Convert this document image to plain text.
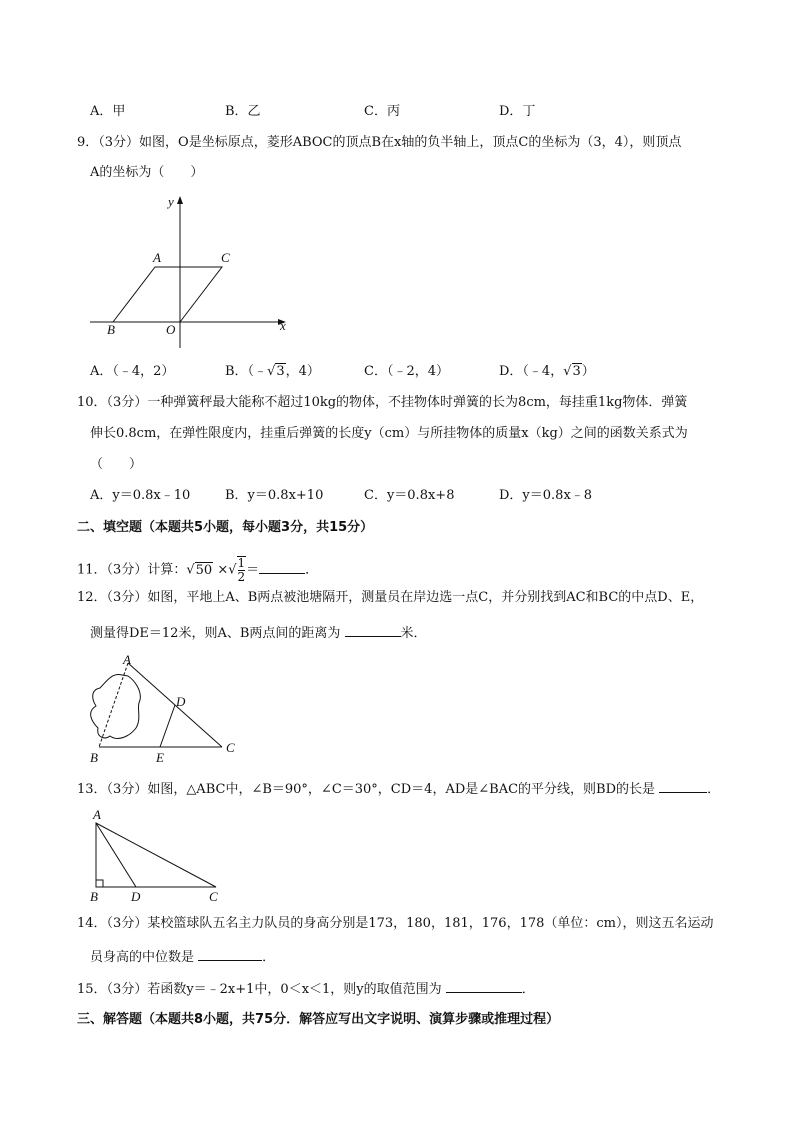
A．甲	B．乙	C．丙	D．丁
9．（3分）如图，O是坐标原点，菱形ABOC的顶点B在x轴的负半轴上，顶点C的坐标为（3，4），则顶点
A的坐标为（　　）
y
A	C
B	O	x
A
D
B	E
C
A
B	D	C
A．（﹣4，2）	B．（﹣√3，4）	C．（﹣2，4）	D．（﹣4，√3）
10．（3分）一种弹簧秤最大能称不超过10kg的物体，不挂物体时弹簧的长为8cm，每挂重1kg物体．弹簧
伸长0.8cm，在弹性限度内，挂重后弹簧的长度y（cm）与所挂物体的质量x（kg）之间的函数关系式为
（　　）
A．y＝0.8x﹣10	B．y＝0.8x+10	C．y＝0.8x+8	D．y＝0.8x﹣8
二、填空题（本题共5小题，每小题3分，共15分）
11．（3分）计算：√50 ×√ $\frac{1}{2}$ ＝	．
12．（3分）如图，平地上A、B两点被池塘隔开，测量员在岸边选一点C，并分别找到AC和BC的中点D、E，
测量得DE＝12米，则A、B两点间的距离为	米．
13．（3分）如图，△ABC中，∠B＝90°，∠C＝30°，CD＝4，AD是∠BAC的平分线，则BD的长是	．
14．（3分）某校篮球队五名主力队员的身高分别是173，180，181，176，178（单位：cm），则这五名运动
员身高的中位数是	．
15．（3分）若函数y＝﹣2x+1中，0＜x＜1，则y的取值范围为	．
三、解答题（本题共8小题，共75分．解答应写出文字说明、演算步骤或推理过程）
